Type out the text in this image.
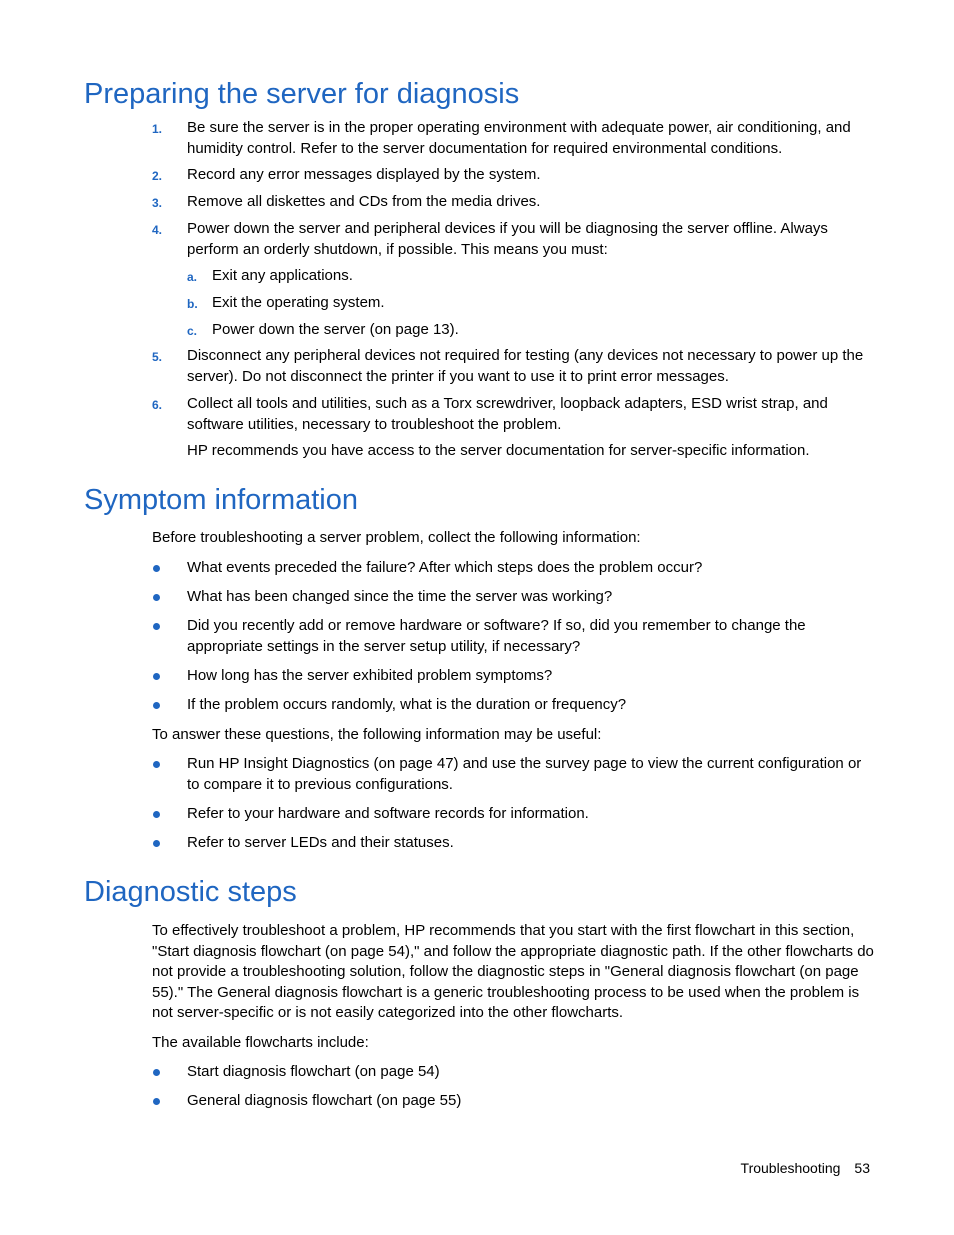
Preparing the server for diagnosis
1.	Be sure the server is in the proper operating environment with adequate power, air conditioning, and humidity control. Refer to the server documentation for required environmental conditions.
2.	Record any error messages displayed by the system.
3.	Remove all diskettes and CDs from the media drives.
4.	Power down the server and peripheral devices if you will be diagnosing the server offline. Always perform an orderly shutdown, if possible. This means you must:
a. Exit any applications.
b. Exit the operating system.
c. Power down the server (on page 13).
5.	Disconnect any peripheral devices not required for testing (any devices not necessary to power up the server). Do not disconnect the printer if you want to use it to print error messages.
6.	Collect all tools and utilities, such as a Torx screwdriver, loopback adapters, ESD wrist strap, and software utilities, necessary to troubleshoot the problem.

HP recommends you have access to the server documentation for server-specific information.

Symptom information

Before troubleshooting a server problem, collect the following information:

What events preceded the failure? After which steps does the problem occur?
What has been changed since the time the server was working?
Did you recently add or remove hardware or software? If so, did you remember to change the appropriate settings in the server setup utility, if necessary?
How long has the server exhibited problem symptoms?
If the problem occurs randomly, what is the duration or frequency?

To answer these questions, the following information may be useful:

Run HP Insight Diagnostics (on page 47) and use the survey page to view the current configuration or to compare it to previous configurations.
Refer to your hardware and software records for information.
Refer to server LEDs and their statuses.
Diagnostic steps

To effectively troubleshoot a problem, HP recommends that you start with the first flowchart in this section, "Start diagnosis flowchart (on page 54)," and follow the appropriate diagnostic path. If the other flowcharts do not provide a troubleshooting solution, follow the diagnostic steps in "General diagnosis flowchart (on page 55)." The General diagnosis flowchart is a generic troubleshooting process to be used when the problem is not server-specific or is not easily categorized into the other flowcharts.

The available flowcharts include:

Start diagnosis flowchart (on page 54)
General diagnosis flowchart (on page 55)
Troubleshooting 53
